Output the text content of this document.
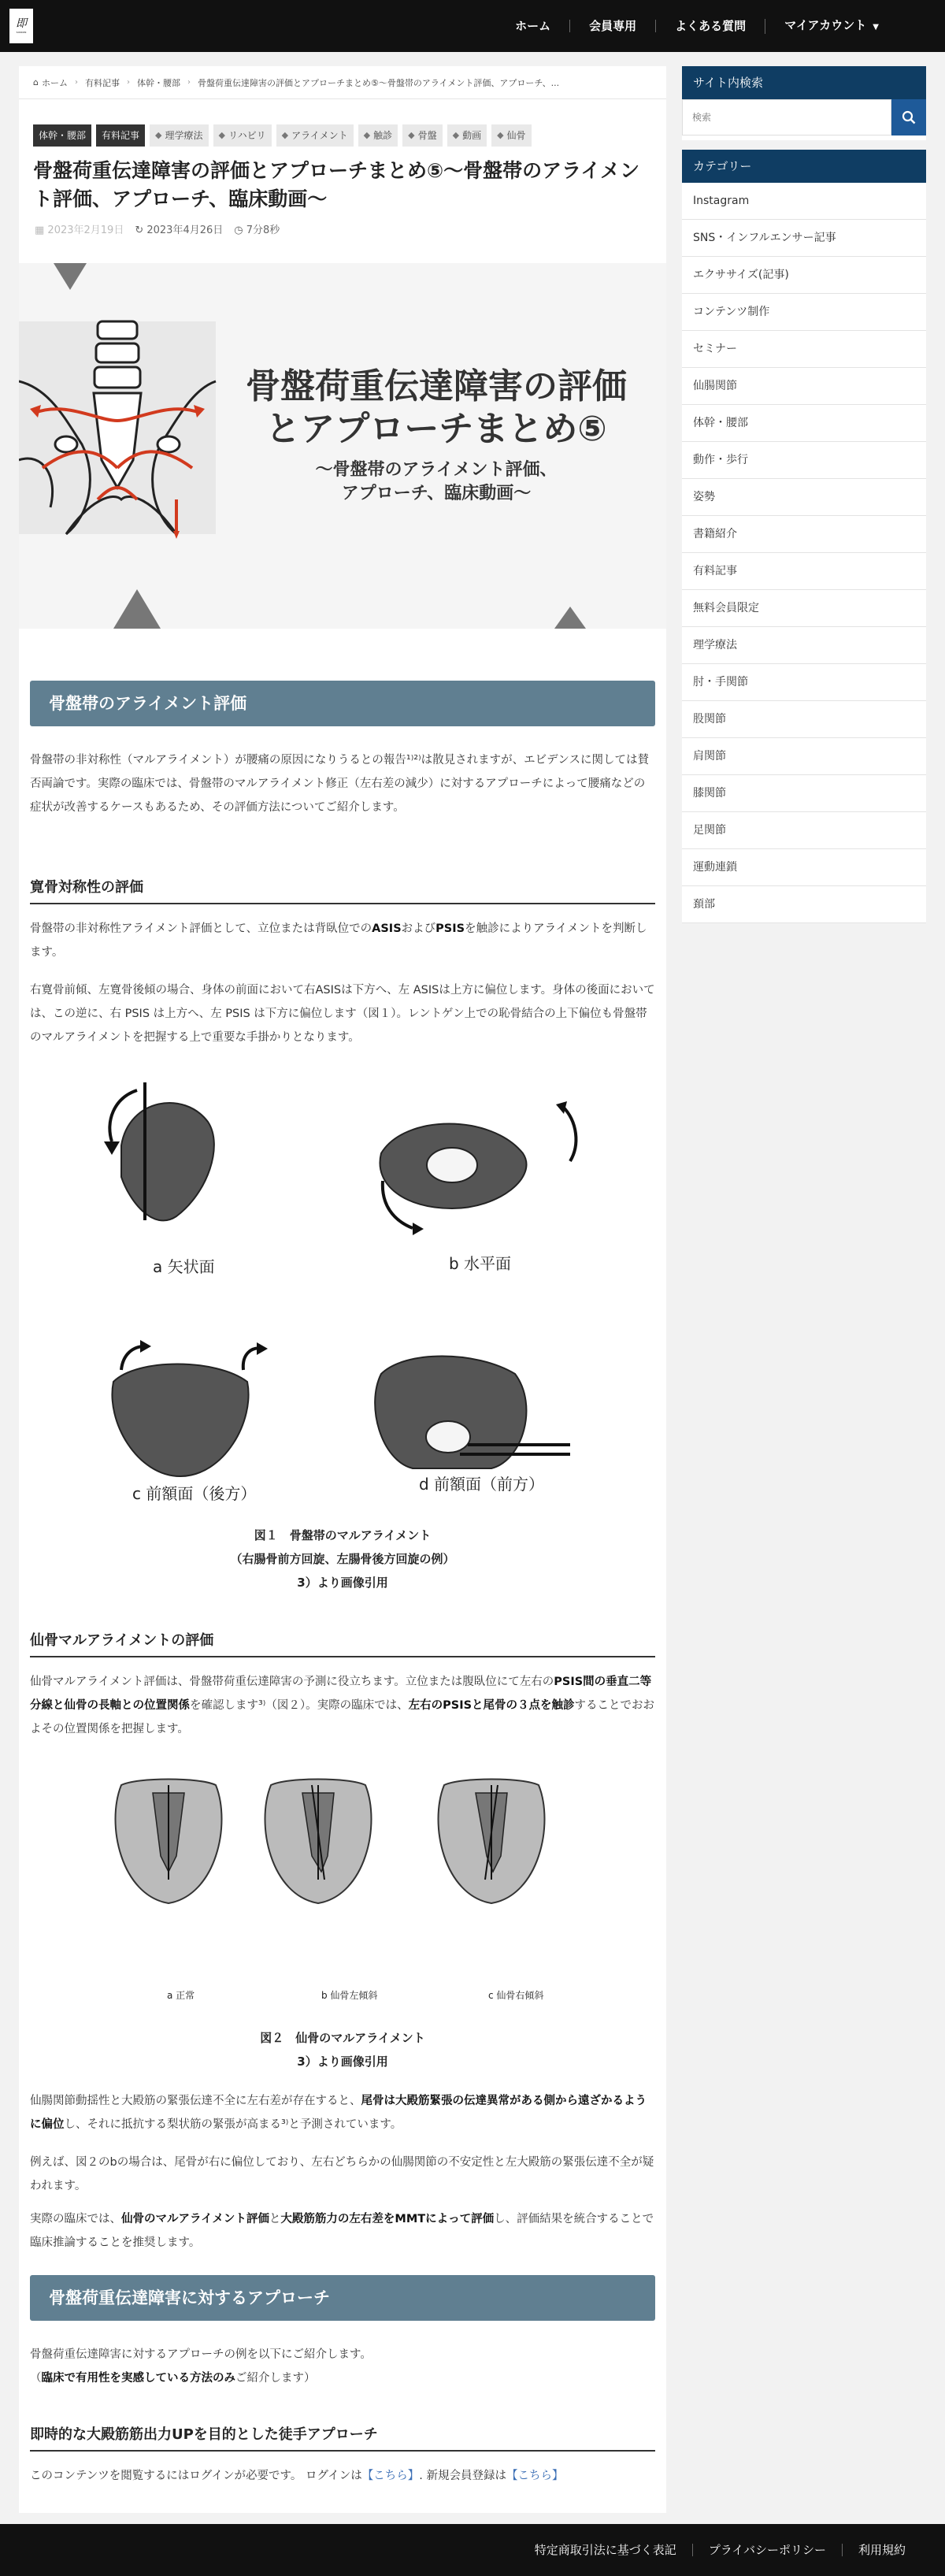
即
SOKKON	ホーム	会員専用	よくある質問	マイアカウント ▼
⌂ ホーム › 有料記事 › 体幹・腰部 › 骨盤荷重伝達障害の評価とアプローチまとめ⑤〜骨盤帯のアライメント評価、アプローチ、...
体幹・腰部	有料記事	◆ 理学療法 ◆ リハビリ ◆ アライメント ◆ 触診 ◆ 骨盤 ◆ 動画 ◆ 仙骨
骨盤荷重伝達障害の評価とアプローチまとめ⑤〜骨盤帯のアライメント評価、アプローチ、臨床動画〜
▦ 2023年2月19日 ↻ 2023年4月26日 ◷ 7分8秒
骨盤荷重伝達障害の評価
とアプローチまとめ⑤
〜骨盤帯のアライメント評価、
アプローチ、臨床動画〜
骨盤帯のアライメント評価

骨盤帯の非対称性（マルアライメント）が腰痛の原因になりうるとの報告¹⁾²⁾は散見されますが、エビデンスに関しては賛否両論です。実際の臨床では、骨盤帯のマルアライメント修正（左右差の減少）に対するアプローチによって腰痛などの症状が改善するケースもあるため、その評価方法についてご紹介します。

寛骨対称性の評価

骨盤帯の非対称性アライメント評価として、立位または背臥位でのASISおよびPSISを触診によりアライメントを判断します。

右寛骨前傾、左寛骨後傾の場合、身体の前面において右ASISは下方へ、左 ASISは上方に偏位します。身体の後面においては、この逆に、右 PSIS は上方へ、左 PSIS は下方に偏位します（図１）。レントゲン上での恥骨結合の上下偏位も骨盤帯のマルアライメントを把握する上で重要な手掛かりとなります。

a 矢状面	b 水平面
c 前額面（後方）	d 前額面（前方）
図１　骨盤帯のマルアライメント
（右腸骨前方回旋、左腸骨後方回旋の例）
3）より画像引用
仙骨マルアライメントの評価

仙骨マルアライメント評価は、骨盤帯荷重伝達障害の予測に役立ちます。立位または腹臥位にて左右のPSIS間の垂直二等分線と仙骨の長軸との位置関係を確認します³⁾（図２）。実際の臨床では、左右のPSISと尾骨の３点を触診することでおおよその位置関係を把握します。

a 正常	b 仙骨左傾斜	c 仙骨右傾斜
図２　仙骨のマルアライメント
3）より画像引用

仙腸関節動揺性と大殿筋の緊張伝達不全に左右差が存在すると、尾骨は大殿筋緊張の伝達異常がある側から遠ざかるように偏位し、それに抵抗する梨状筋の緊張が高まる³⁾と予測されています。

例えば、図２のbの場合は、尾骨が右に偏位しており、左右どちらかの仙腸関節の不安定性と左大殿筋の緊張伝達不全が疑われます。

実際の臨床では、仙骨のマルアライメント評価と大殿筋筋力の左右差をMMTによって評価し、評価結果を統合することで臨床推論することを推奨します。

骨盤荷重伝達障害に対するアプローチ

骨盤荷重伝達障害に対するアプローチの例を以下にご紹介します。

（臨床で有用性を実感している方法のみご紹介します）

即時的な大殿筋筋出力UPを目的とした徒手アプローチ

このコンテンツを閲覧するにはログインが必要です。 ログインは【こちら】. 新規会員登録は【こちら】

サイト内検索
検索
カテゴリー
Instagram
SNS・インフルエンサー記事
エクササイズ(記事)
コンテンツ制作
セミナー
仙腸関節
体幹・腰部
動作・歩行
姿勢
書籍紹介
有料記事
無料会員限定
理学療法
肘・手関節
股関節
肩関節
膝関節
足関節
運動連鎖
頚部
特定商取引法に基づく表記	プライバシーポリシー	利用規約
